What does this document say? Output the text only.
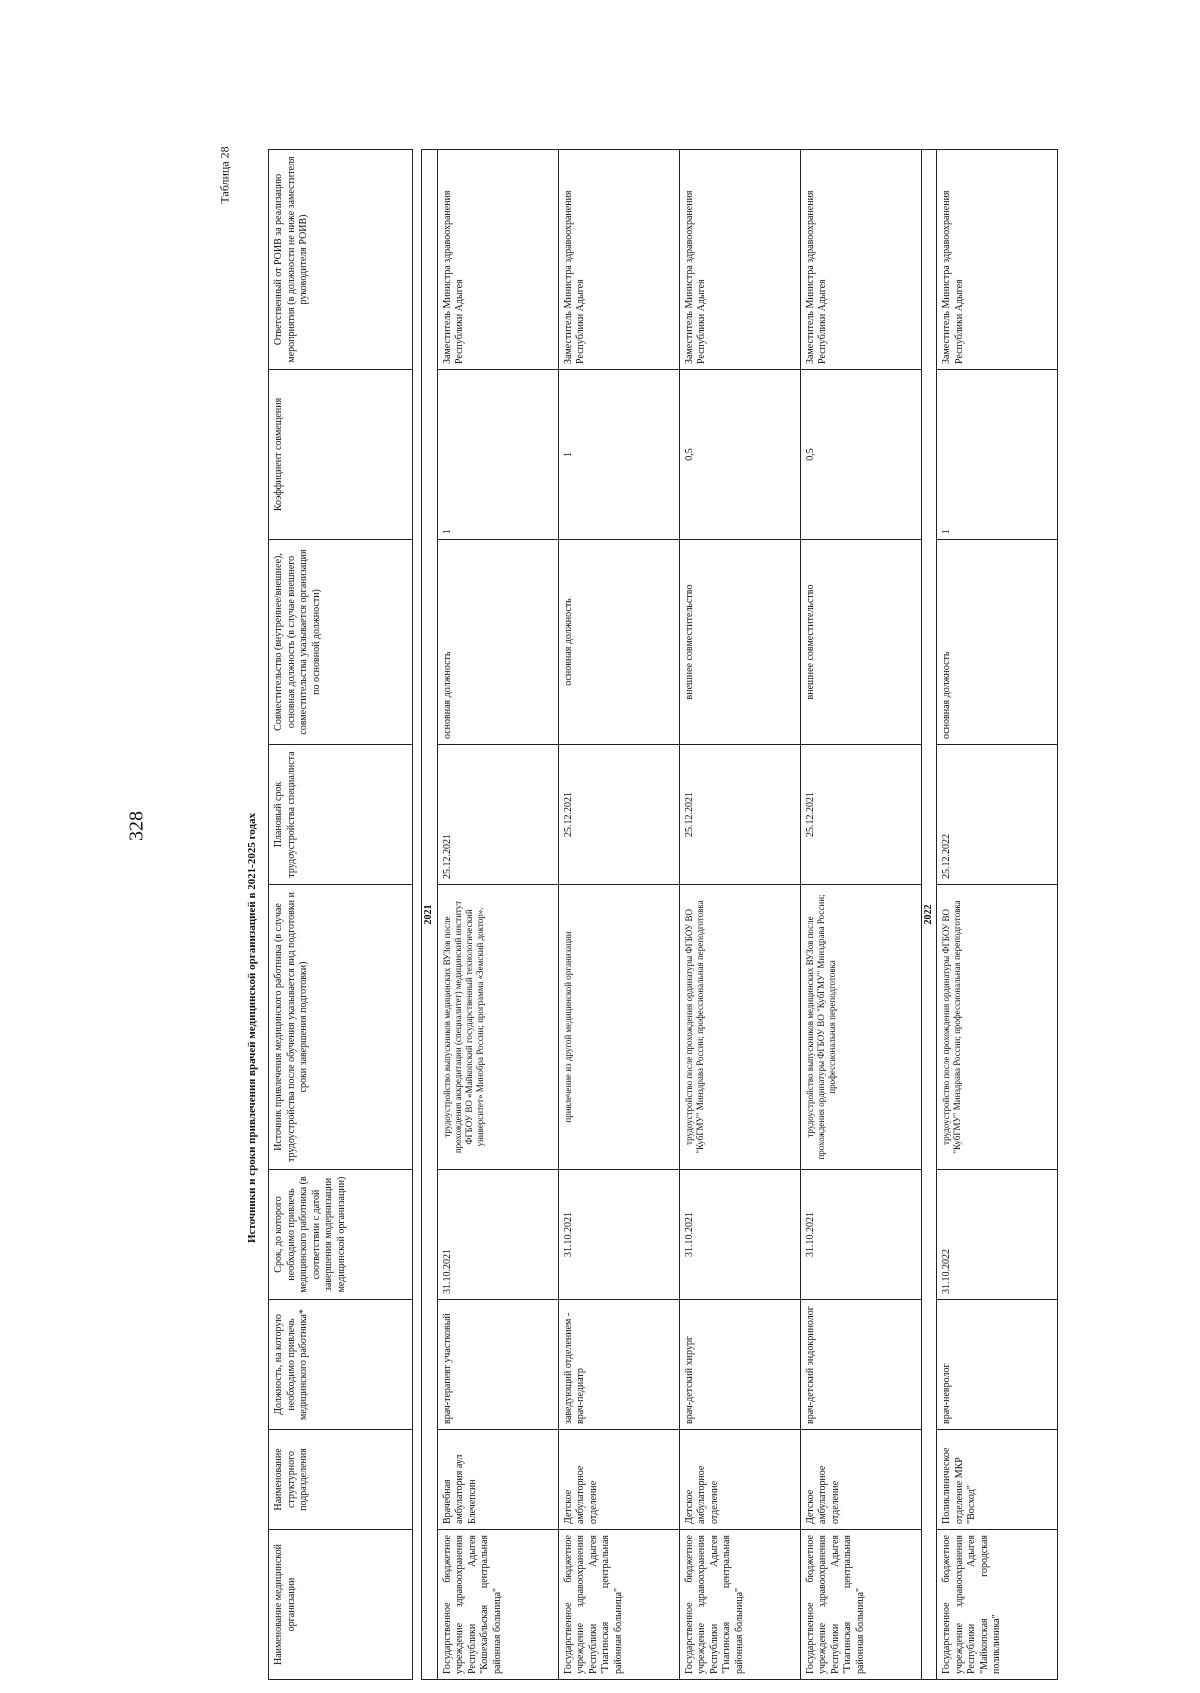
328
Таблица 28
Источники и сроки привлечения врачей медицинской организацией в 2021-2025 годах
Наименование медицинской организации	Наименование структурного подразделения	Должность, на которую необходимо привлечь медицинского работника*	Срок, до которого необходимо привлечь медицинского работника (в соответствии с датой завершения модернизации медицинской организации)	Источник привлечения медицинского работника (в случае трудоустройства после обучения указывается вид подготовки и сроки завершения подготовки)	Плановый срок трудоустройства специалиста	Совместительство (внутреннее/внешнее), основная должность (в случае внешнего совместительства указывается организация по основной должности)	Коэффициент совмещения	Ответственный от РОИВ за реализацию мероприятия (в должности не ниже заместителя руководителя РОИВ)

2021								
Государственное бюджетное учреждение здравоохранения Республики Адыгея "Кошехабльская центральная районная больница"	Врачебная амбулатория аул Блечепсин	врач-терапевт участковый	31.10.2021	трудоустройство выпускников медицинских ВУЗов после прохождения аккредитации (специалитет) медицинский институт ФГБОУ ВО «Майкопский государственный технологический университет» Минобра России; программа «Земский доктор».	25.12.2021	основная должность	1	Заместитель Министра здравоохранения Республики Адыгея
Государственное бюджетное учреждение здравоохранения Республики Адыгея "Гиагинская центральная районная больница"	Детское амбулаторное отделение	заведующий отделением - врач-педиатр	31.10.2021	привлечение из другой медицинской организации	25.12.2021	основная должность	1	Заместитель Министра здравоохранения Республики Адыгея
Государственное бюджетное учреждение здравоохранения Республики Адыгея "Гиагинская центральная районная больница"	Детское амбулаторное отделение	врач-детский хирург	31.10.2021	трудоустройство после прохождения ординатуры ФГБОУ ВО "КубГМУ" Минздрава России; профессиональная переподготовка	25.12.2021	внешнее совместительство	0,5	Заместитель Министра здравоохранения Республики Адыгея
Государственное бюджетное учреждение здравоохранения Республики Адыгея "Гиагинская центральная районная больница"	Детское амбулаторное отделение	врач-детский эндокринолог	31.10.2021	трудоустройство выпускников медицинских ВУЗов после прохождения ординатуры ФГБОУ ВО "КубГМУ" Минздрава России; профессиональная переподготовка	25.12.2021	внешнее совместительство	0,5	Заместитель Министра здравоохранения Республики Адыгея
2022								
Государственное бюджетное учреждение здравоохранения Республики Адыгея "Майкопская городская поликлиника"	Поликлиническое отделение МКР "Восход"	врач-невролог	31.10.2022	трудоустройство после прохождения ординатуры ФГБОУ ВО "КубГМУ" Минздрава России; профессиональная переподготовка	25.12.2022	основная должность	1	Заместитель Министра здравоохранения Республики Адыгея
